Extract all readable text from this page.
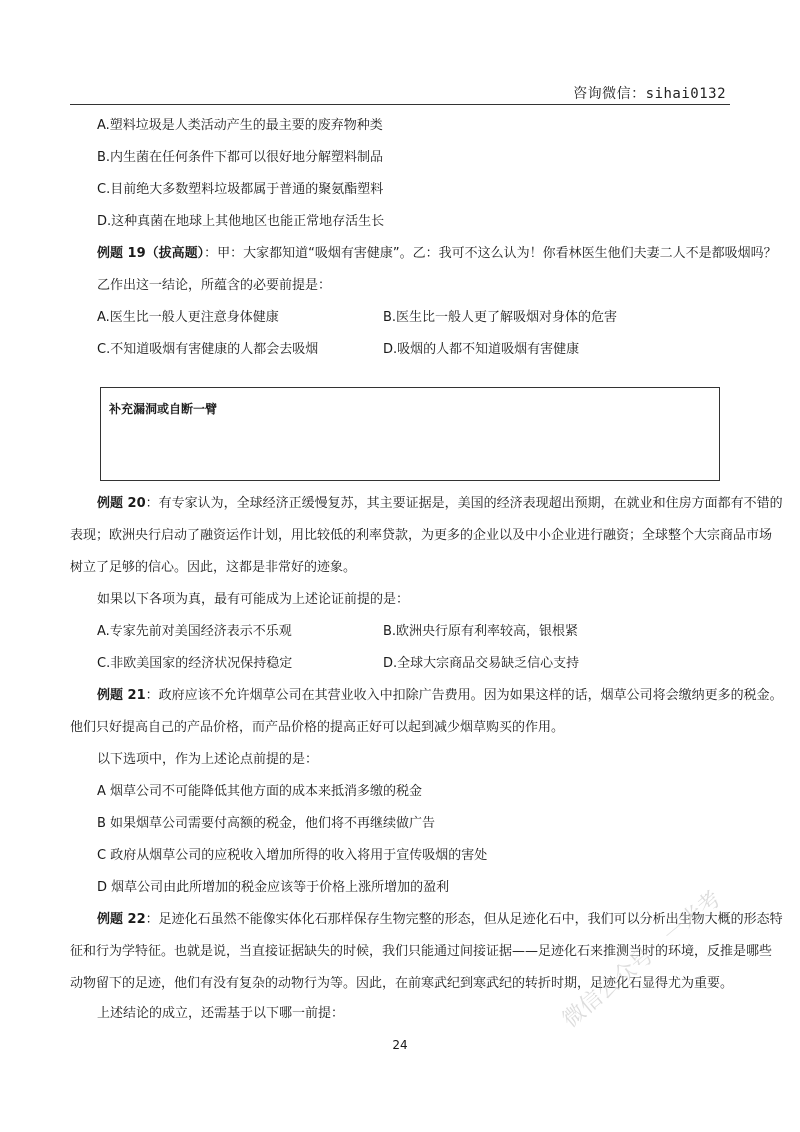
咨询微信：sihai0132
A.塑料垃圾是人类活动产生的最主要的废弃物种类
B.内生菌在任何条件下都可以很好地分解塑料制品
C.目前绝大多数塑料垃圾都属于普通的聚氨酯塑料
D.这种真菌在地球上其他地区也能正常地存活生长
例题 19（拔高题）：甲：大家都知道“吸烟有害健康”。乙：我可不这么认为！你看林医生他们夫妻二人不是都吸烟吗？
乙作出这一结论，所蕴含的必要前提是：
A.医生比一般人更注意身体健康	B.医生比一般人更了解吸烟对身体的危害
C.不知道吸烟有害健康的人都会去吸烟	D.吸烟的人都不知道吸烟有害健康
补充漏洞或自断一臂
例题 20：有专家认为，全球经济正缓慢复苏，其主要证据是，美国的经济表现超出预期，在就业和住房方面都有不错的
表现；欧洲央行启动了融资运作计划，用比较低的利率贷款，为更多的企业以及中小企业进行融资；全球整个大宗商品市场
树立了足够的信心。因此，这都是非常好的迹象。
如果以下各项为真，最有可能成为上述论证前提的是：
A.专家先前对美国经济表示不乐观	B.欧洲央行原有利率较高，银根紧
C.非欧美国家的经济状况保持稳定	D.全球大宗商品交易缺乏信心支持
例题 21：政府应该不允许烟草公司在其营业收入中扣除广告费用。因为如果这样的话，烟草公司将会缴纳更多的税金。
他们只好提高自己的产品价格，而产品价格的提高正好可以起到减少烟草购买的作用。
以下选项中，作为上述论点前提的是：
A 烟草公司不可能降低其他方面的成本来抵消多缴的税金
B 如果烟草公司需要付高额的税金，他们将不再继续做广告
C 政府从烟草公司的应税收入增加所得的收入将用于宣传吸烟的害处
D 烟草公司由此所增加的税金应该等于价格上涨所增加的盈利
例题 22：足迹化石虽然不能像实体化石那样保存生物完整的形态，但从足迹化石中，我们可以分析出生物大概的形态特
征和行为学特征。也就是说，当直接证据缺失的时候，我们只能通过间接证据——足迹化石来推测当时的环境，反推是哪些
动物留下的足迹，他们有没有复杂的动物行为等。因此，在前寒武纪到寒武纪的转折时期，足迹化石显得尤为重要。
上述结论的成立，还需基于以下哪一前提：
24
微信公众号：一米考
